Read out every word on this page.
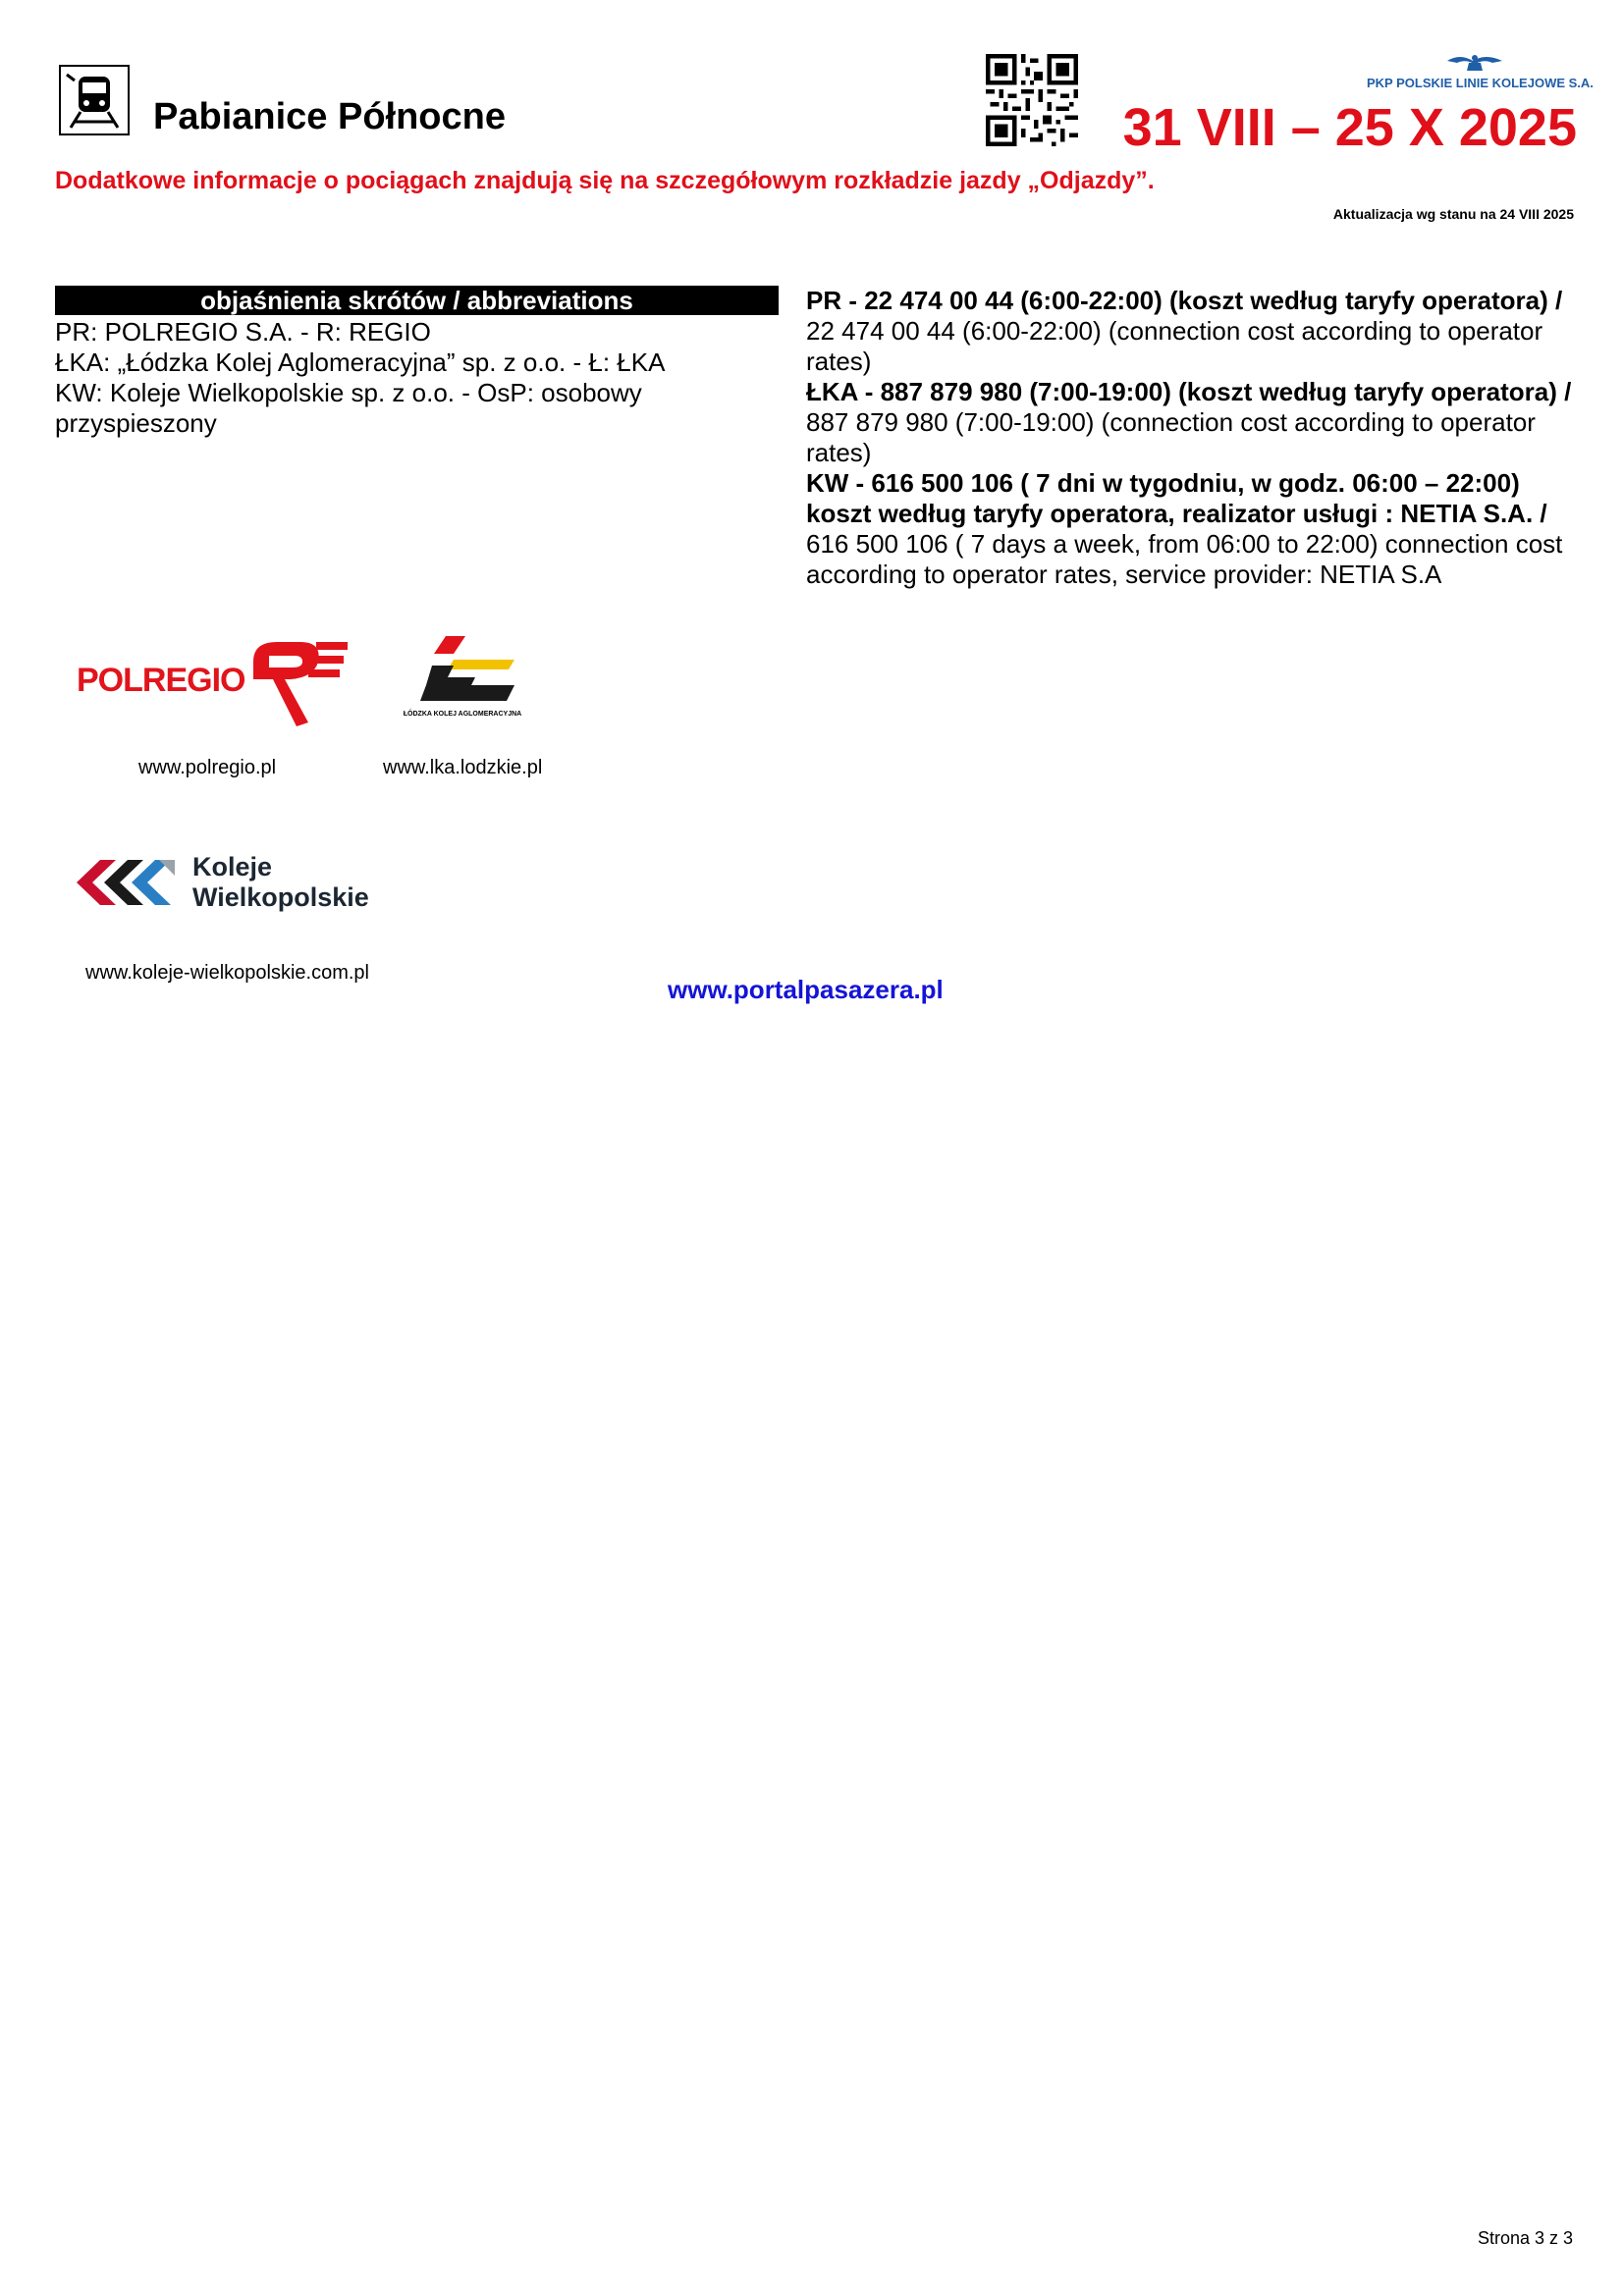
Pabianice Północne
PKP POLSKIE LINIE KOLEJOWE S.A.
31 VIII – 25 X 2025
Dodatkowe informacje o pociągach znajdują się na szczegółowym rozkładzie jazdy „Odjazdy”.
Aktualizacja wg stanu na 24 VIII 2025
objaśnienia skrótów / abbreviations
PR: POLREGIO S.A. - R: REGIO
ŁKA: „Łódzka Kolej Aglomeracyjna” sp. z o.o. - Ł: ŁKA
KW: Koleje Wielkopolskie sp. z o.o. - OsP: osobowy
przyspieszony
PR - 22 474 00 44 (6:00-22:00) (koszt według taryfy operatora) / 22 474 00 44 (6:00-22:00) (connection cost according to operator rates)
ŁKA - 887 879 980 (7:00-19:00) (koszt według taryfy operatora) / 887 879 980 (7:00-19:00) (connection cost according to operator rates)
KW - 616 500 106 ( 7 dni w tygodniu, w godz. 06:00 – 22:00) koszt według taryfy operatora, realizator usługi : NETIA S.A. / 616 500 106 ( 7 days a week, from 06:00 to 22:00) connection cost according to operator rates, service provider: NETIA S.A
POLREGIO
ŁÓDZKA KOLEJ AGLOMERACYJNA
www.polregio.pl	www.lka.lodzkie.pl
Koleje
Wielkopolskie
www.koleje-wielkopolskie.com.pl
www.portalpasazera.pl
Strona 3 z 3
